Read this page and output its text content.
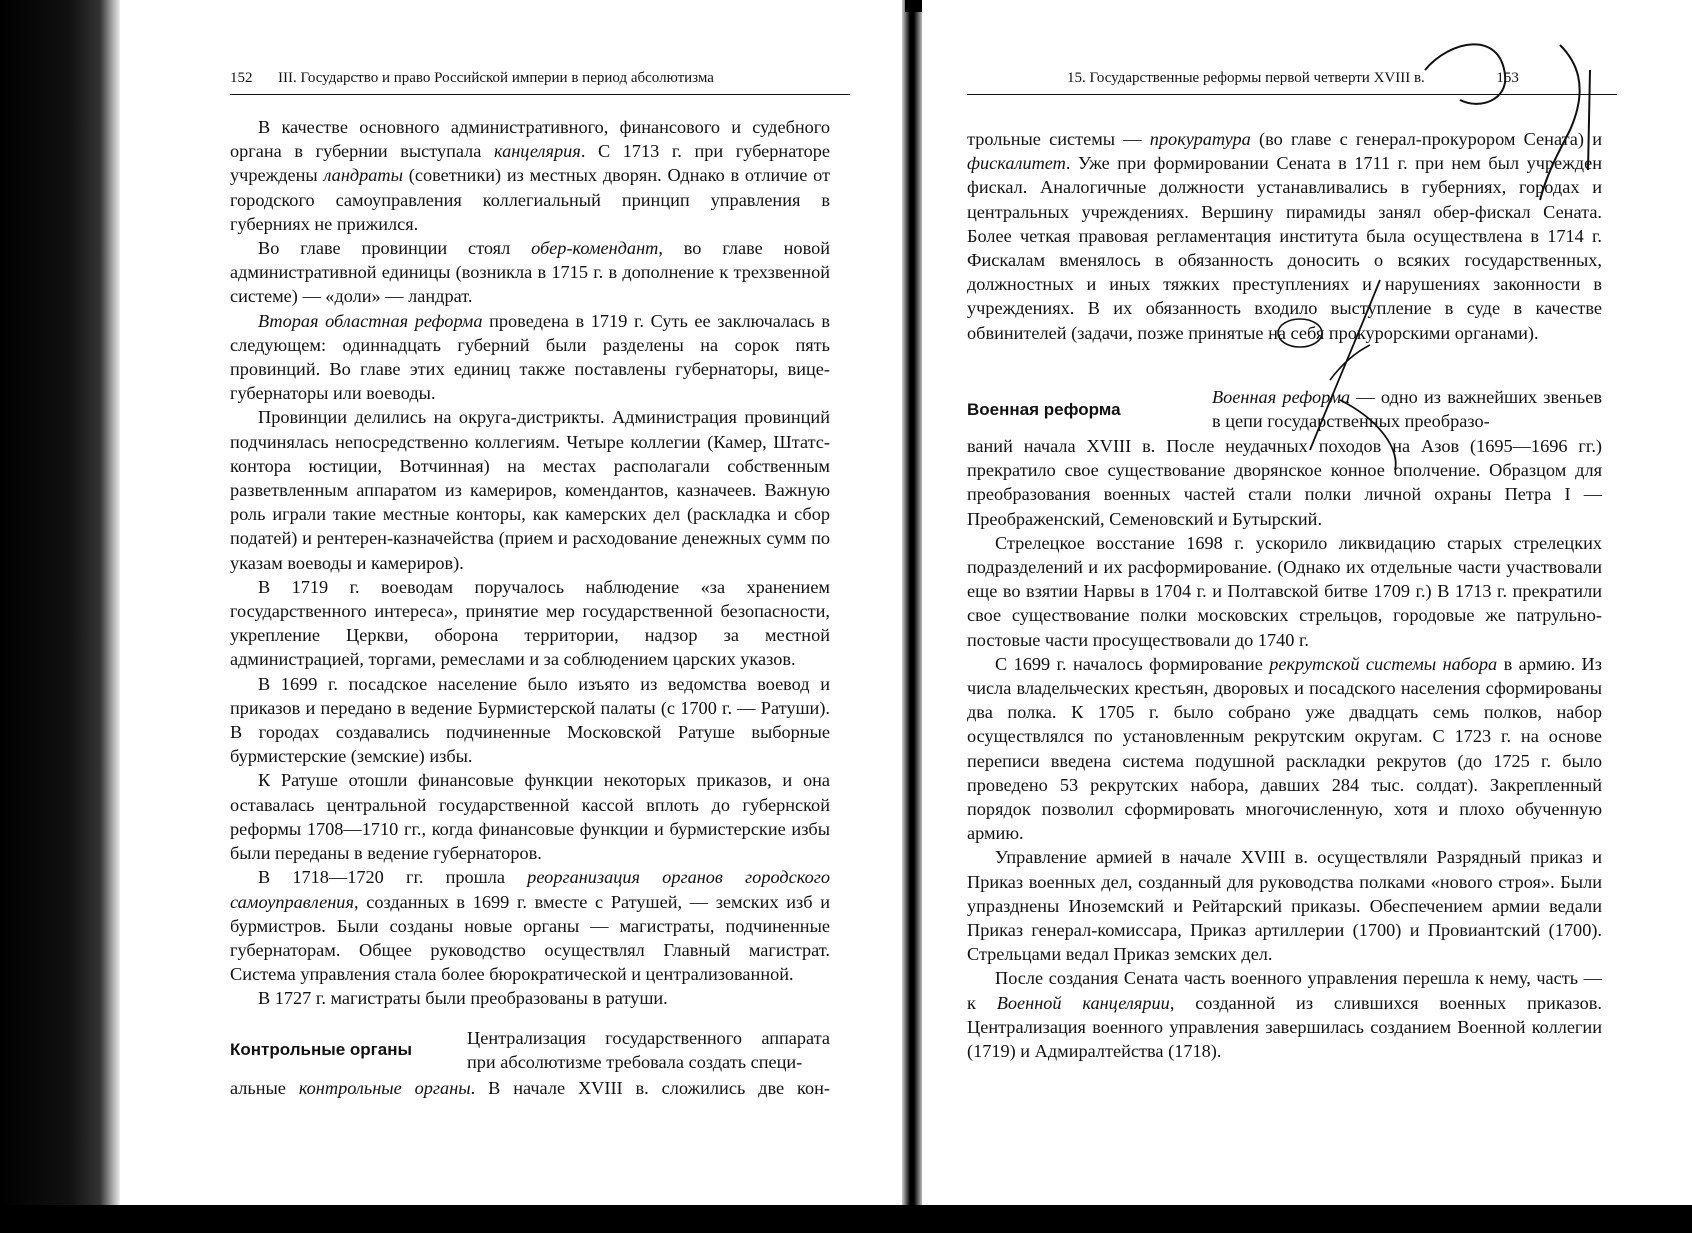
152 III. Государство и право Российской империи в период абсолютизма

В качестве основного административного, финансового и судебного органа в губернии выступала канцелярия. С 1713 г. при губернаторе учреждены ландраты (советники) из местных дворян. Однако в отличие от городского самоуправления коллегиальный принцип управления в губерниях не прижился.

Во главе провинции стоял обер-комендант, во главе новой административной единицы (возникла в 1715 г. в дополнение к трехзвенной системе) — «доли» — ландрат.

Вторая областная реформа проведена в 1719 г. Суть ее заключалась в следующем: одиннадцать губерний были разделены на сорок пять провинций. Во главе этих единиц также поставлены губернаторы, вице-губернаторы или воеводы.

Провинции делились на округа-дистрикты. Администрация провинций подчинялась непосредственно коллегиям. Четыре коллегии (Камер, Штатс-контора юстиции, Вотчинная) на местах располагали собственным разветвленным аппаратом из камериров, комендантов, казначеев. Важную роль играли такие местные конторы, как камерских дел (раскладка и сбор податей) и рентерен-казначейства (прием и расходование денежных сумм по указам воеводы и камериров).

В 1719 г. воеводам поручалось наблюдение «за хранением государственного интереса», принятие мер государственной безопасности, укрепление Церкви, оборона территории, надзор за местной администрацией, торгами, ремеслами и за соблюдением царских указов.

В 1699 г. посадское население было изъято из ведомства воевод и приказов и передано в ведение Бурмистерской палаты (с 1700 г. — Ратуши). В городах создавались подчиненные Московской Ратуше выборные бурмистерские (земские) избы.

К Ратуше отошли финансовые функции некоторых приказов, и она оставалась центральной государственной кассой вплоть до губернской реформы 1708—1710 гг., когда финансовые функции и бурмистерские избы были переданы в ведение губернаторов.

В 1718—1720 гг. прошла реорганизация органов городского самоуправления, созданных в 1699 г. вместе с Ратушей, — земских изб и бурмистров. Были созданы новые органы — магистраты, подчиненные губернаторам. Общее руководство осуществлял Главный магистрат. Система управления стала более бюрократической и централизованной.

В 1727 г. магистраты были преобразованы в ратуши.

Контрольные органы
Централизация государственного аппарата при абсолютизме требовала создать специ-
альные контрольные органы. В начале XVIII в. сложились две кон-
15. Государственные реформы первой четверти XVIII в.	153

трольные системы — прокуратура (во главе с генерал-прокурором Сената) и фискалитет. Уже при формировании Сената в 1711 г. при нем был учрежден фискал. Аналогичные должности устанавливались в губерниях, городах и центральных учреждениях. Вершину пирамиды занял обер-фискал Сената. Более четкая правовая регламентация института была осуществлена в 1714 г. Фискалам вменялось в обязанность доносить о всяких государственных, должностных и иных тяжких преступлениях и нарушениях законности в учреждениях. В их обязанность входило выступление в суде в качестве обвинителей (задачи, позже принятые на себя прокурорскими органами).

Военная реформа
Военная реформа — одно из важнейших звеньев в цепи государственных преобразо-

ваний начала XVIII в. После неудачных походов на Азов (1695—1696 гг.) прекратило свое существование дворянское конное ополчение. Образцом для преобразования военных частей стали полки личной охраны Петра I — Преображенский, Семеновский и Бутырский.

Стрелецкое восстание 1698 г. ускорило ликвидацию старых стрелецких подразделений и их расформирование. (Однако их отдельные части участвовали еще во взятии Нарвы в 1704 г. и Полтавской битве 1709 г.) В 1713 г. прекратили свое существование полки московских стрельцов, городовые же патрульно-постовые части просуществовали до 1740 г.

С 1699 г. началось формирование рекрутской системы набора в армию. Из числа владельческих крестьян, дворовых и посадского населения сформированы два полка. К 1705 г. было собрано уже двадцать семь полков, набор осуществлялся по установленным рекрутским округам. С 1723 г. на основе переписи введена система подушной раскладки рекрутов (до 1725 г. было проведено 53 рекрутских набора, давших 284 тыс. солдат). Закрепленный порядок позволил сформировать многочисленную, хотя и плохо обученную армию.

Управление армией в начале XVIII в. осуществляли Разрядный приказ и Приказ военных дел, созданный для руководства полками «нового строя». Были упразднены Иноземский и Рейтарский приказы. Обеспечением армии ведали Приказ генерал-комиссара, Приказ артиллерии (1700) и Провиантский (1700). Стрельцами ведал Приказ земских дел.

После создания Сената часть военного управления перешла к нему, часть — к Военной канцелярии, созданной из слившихся военных приказов. Централизация военного управления завершилась созданием Военной коллегии (1719) и Адмиралтейства (1718).
